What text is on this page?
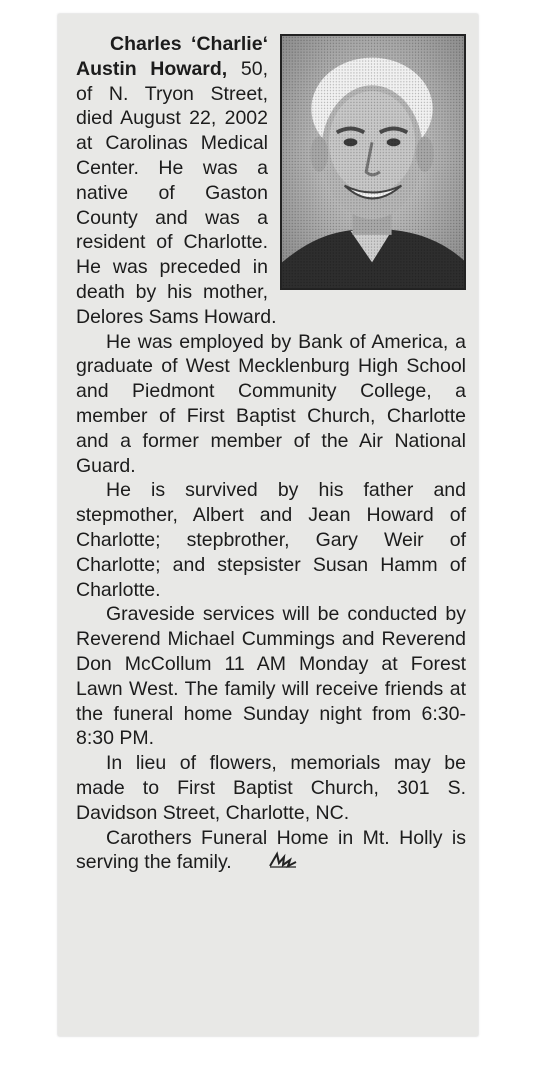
Charles ‘Charlie‘ Austin Howard, 50, of N. Tryon Street, died August 22, 2002 at Carolinas Medical Center. He was a native of Gaston County and was a resident of Charlotte. He was preceded in death by his mother, Delores Sams Howard.

He was employed by Bank of America, a graduate of West Mecklenburg High School and Piedmont Community College, a member of First Baptist Church, Charlotte and a former member of the Air National Guard.

He is survived by his father and stepmother, Albert and Jean Howard of Charlotte; stepbrother, Gary Weir of Charlotte; and stepsister Susan Hamm of Charlotte.

Graveside services will be conducted by Reverend Michael Cummings and Reverend Don McCollum 11 AM Monday at Forest Lawn West. The family will receive friends at the funeral home Sunday night from 6:30-8:30 PM.

In lieu of flowers, memorials may be made to First Baptist Church, 301 S. Davidson Street, Charlotte, NC.

Carothers Funeral Home in Mt. Holly is serving the family.
